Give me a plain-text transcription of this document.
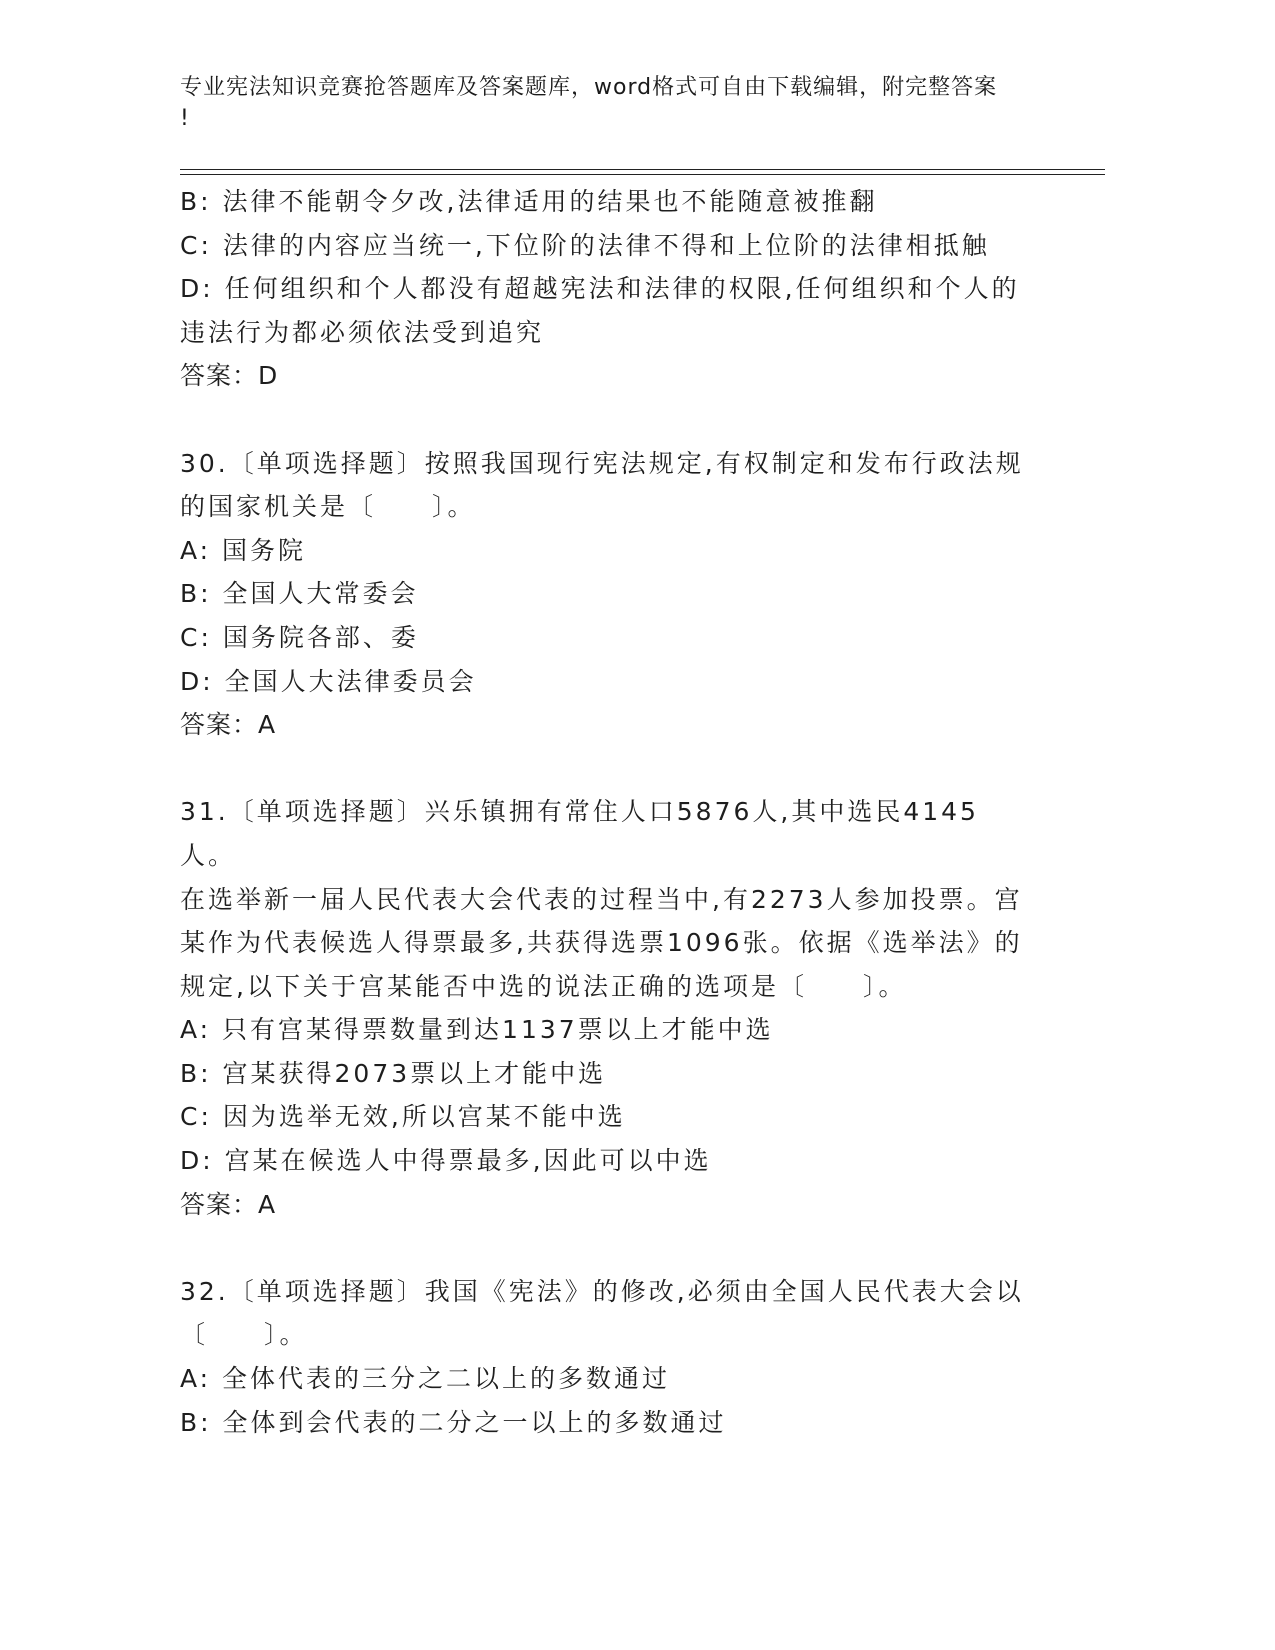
专业宪法知识竞赛抢答题库及答案题库，word格式可自由下载编辑，附完整答案
!

B: 法律不能朝令夕改,法律适用的结果也不能随意被推翻

C: 法律的内容应当统一,下位阶的法律不得和上位阶的法律相抵触

D: 任何组织和个人都没有超越宪法和法律的权限,任何组织和个人的

违法行为都必须依法受到追究

答案：D

30.〔单项选择题〕按照我国现行宪法规定,有权制定和发布行政法规

的国家机关是〔　　〕。

A: 国务院

B: 全国人大常委会

C: 国务院各部、委

D: 全国人大法律委员会

答案：A

31.〔单项选择题〕兴乐镇拥有常住人口5876人,其中选民4145人。

在选举新一届人民代表大会代表的过程当中,有2273人参加投票。宫

某作为代表候选人得票最多,共获得选票1096张。依据《选举法》的

规定,以下关于宫某能否中选的说法正确的选项是〔　　〕。

A: 只有宫某得票数量到达1137票以上才能中选

B: 宫某获得2073票以上才能中选

C: 因为选举无效,所以宫某不能中选

D: 宫某在候选人中得票最多,因此可以中选

答案：A

32.〔单项选择题〕我国《宪法》的修改,必须由全国人民代表大会以

〔　　〕。

A: 全体代表的三分之二以上的多数通过

B: 全体到会代表的二分之一以上的多数通过
